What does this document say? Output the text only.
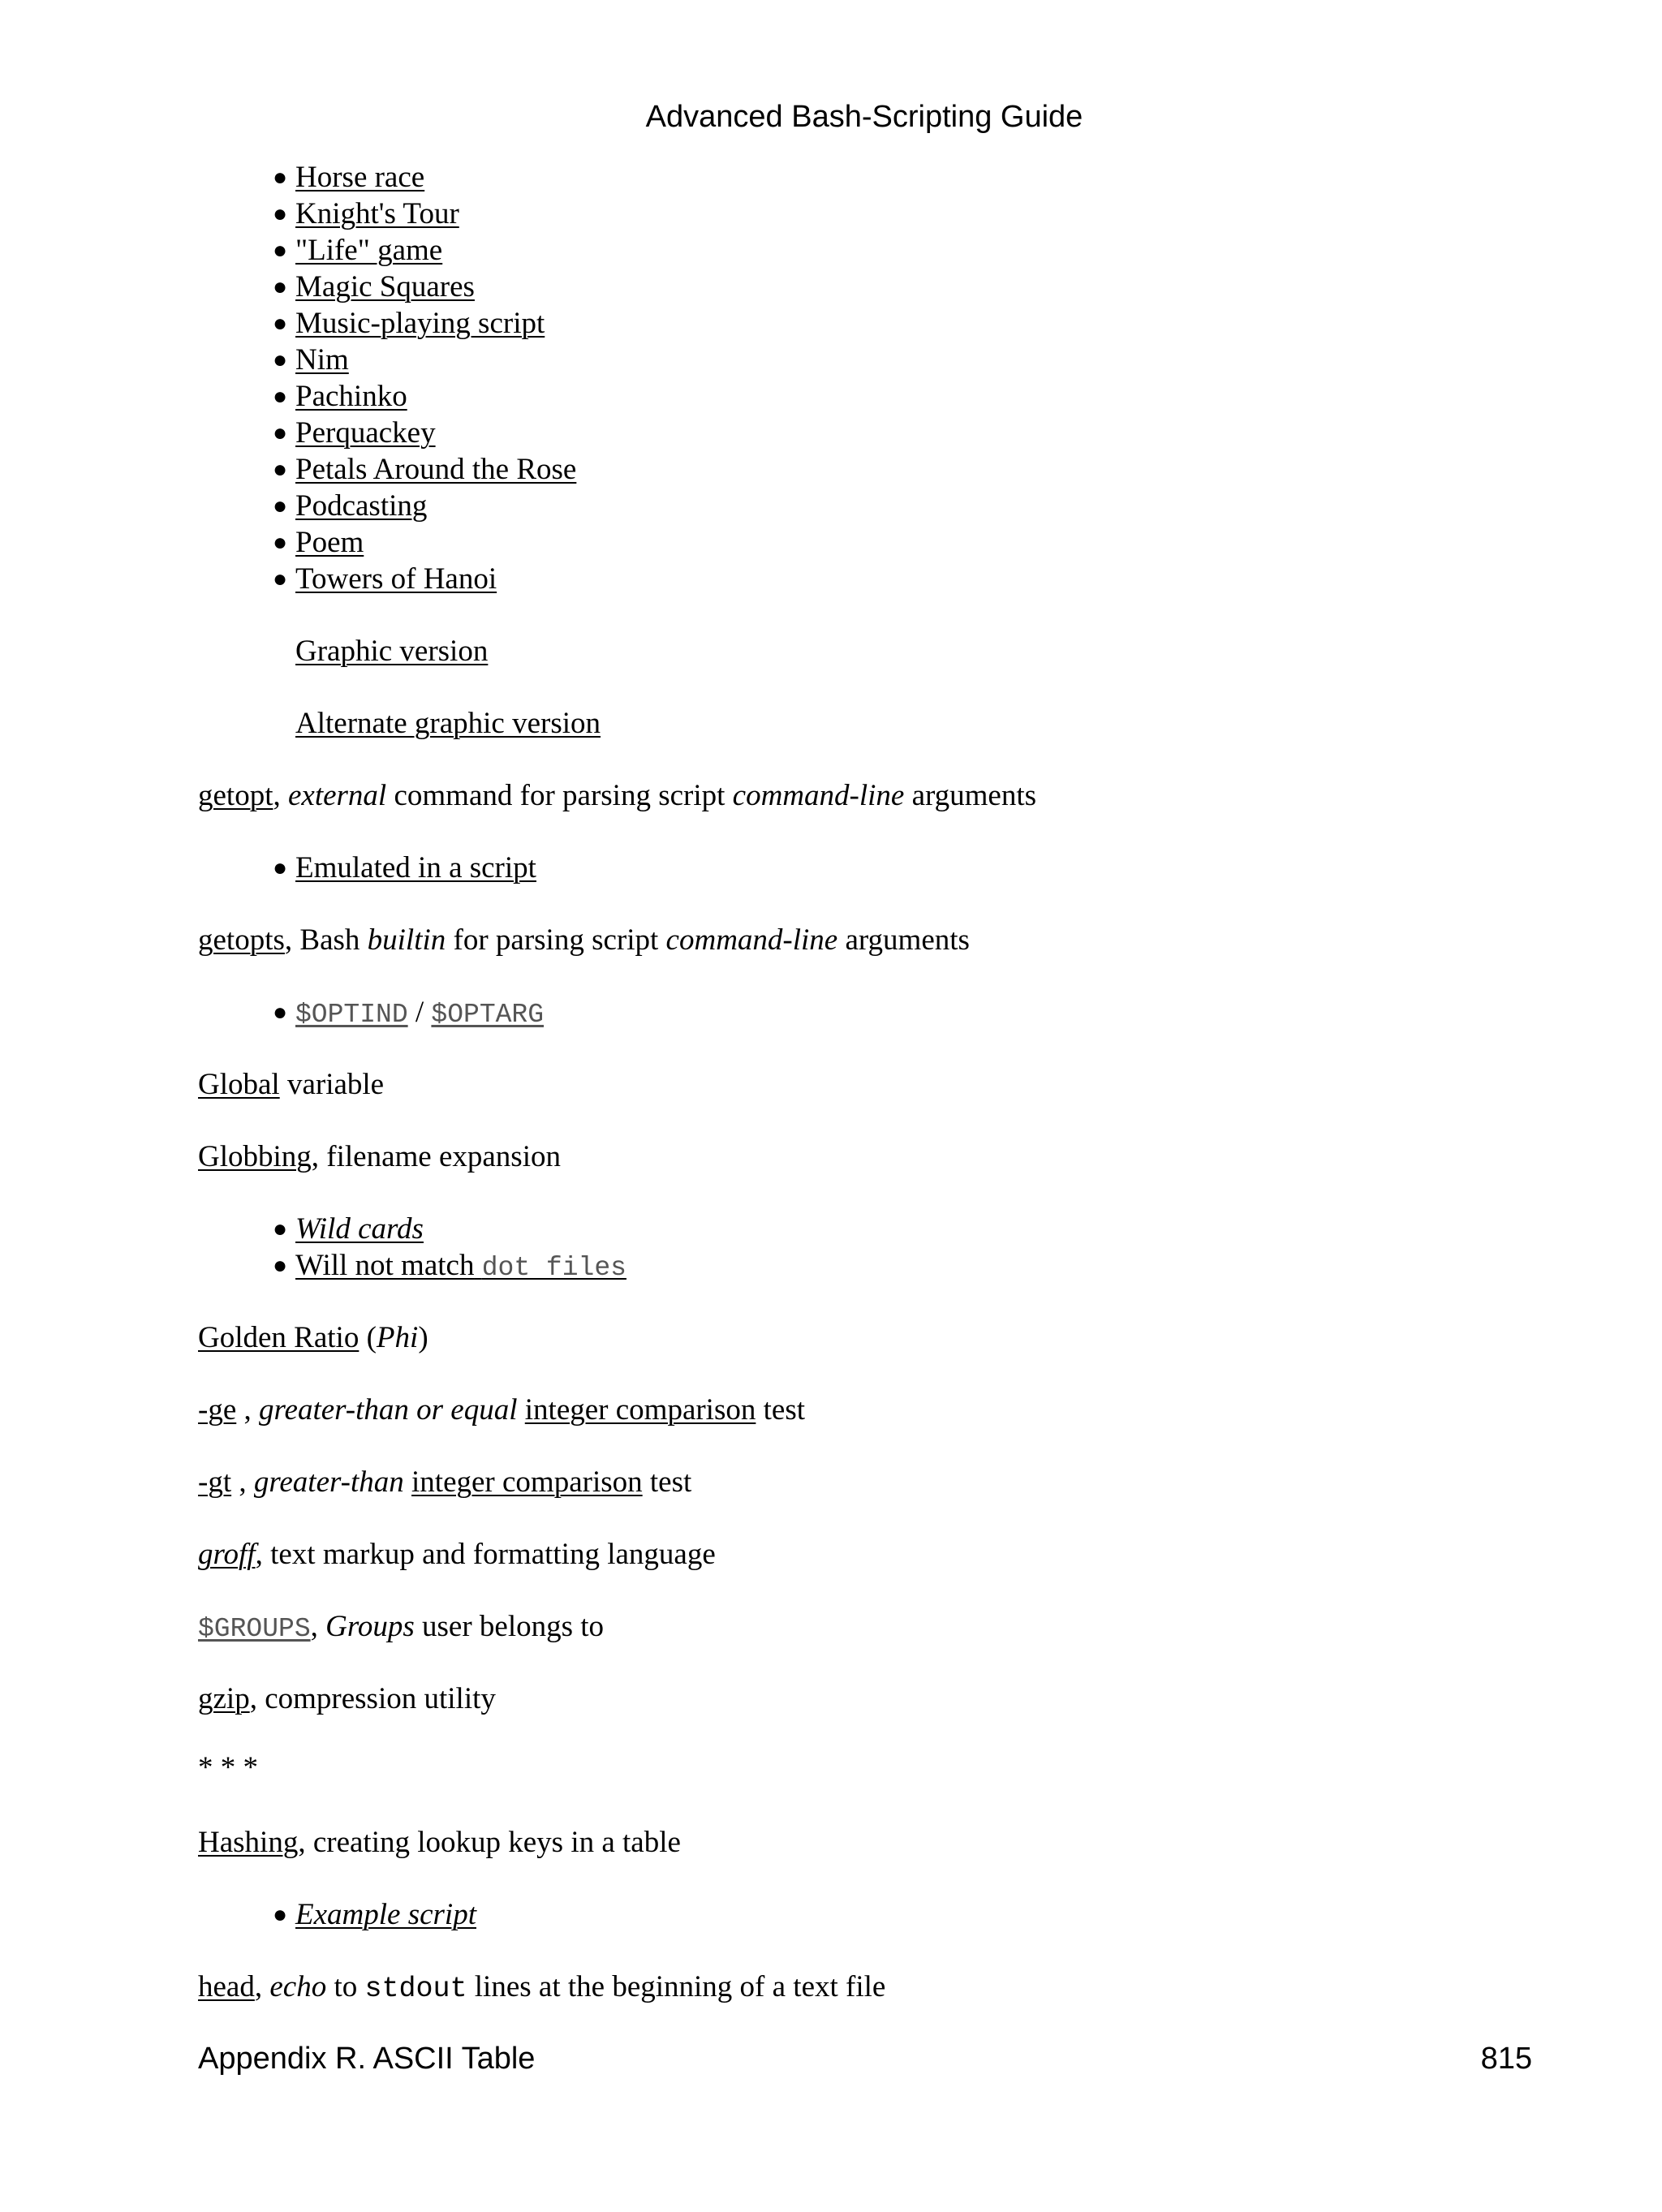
Advanced Bash-Scripting Guide
● Horse race
● Knight's Tour
● "Life" game
● Magic Squares
● Music-playing script
● Nim
● Pachinko
● Perquackey
● Petals Around the Rose
● Podcasting
● Poem
● Towers of Hanoi
Graphic version
Alternate graphic version
getopt, external command for parsing script command-line arguments
● Emulated in a script
getopts, Bash builtin for parsing script command-line arguments
● $OPTIND / $OPTARG
Global variable
Globbing, filename expansion
● Wild cards
● Will not match dot files
Golden Ratio (Phi)
-ge , greater-than or equal integer comparison test
-gt , greater-than integer comparison test
groff, text markup and formatting language
$GROUPS, Groups user belongs to
gzip, compression utility
* * *
Hashing, creating lookup keys in a table
● Example script
head, echo to stdout lines at the beginning of a text file
Appendix R. ASCII Table	815
